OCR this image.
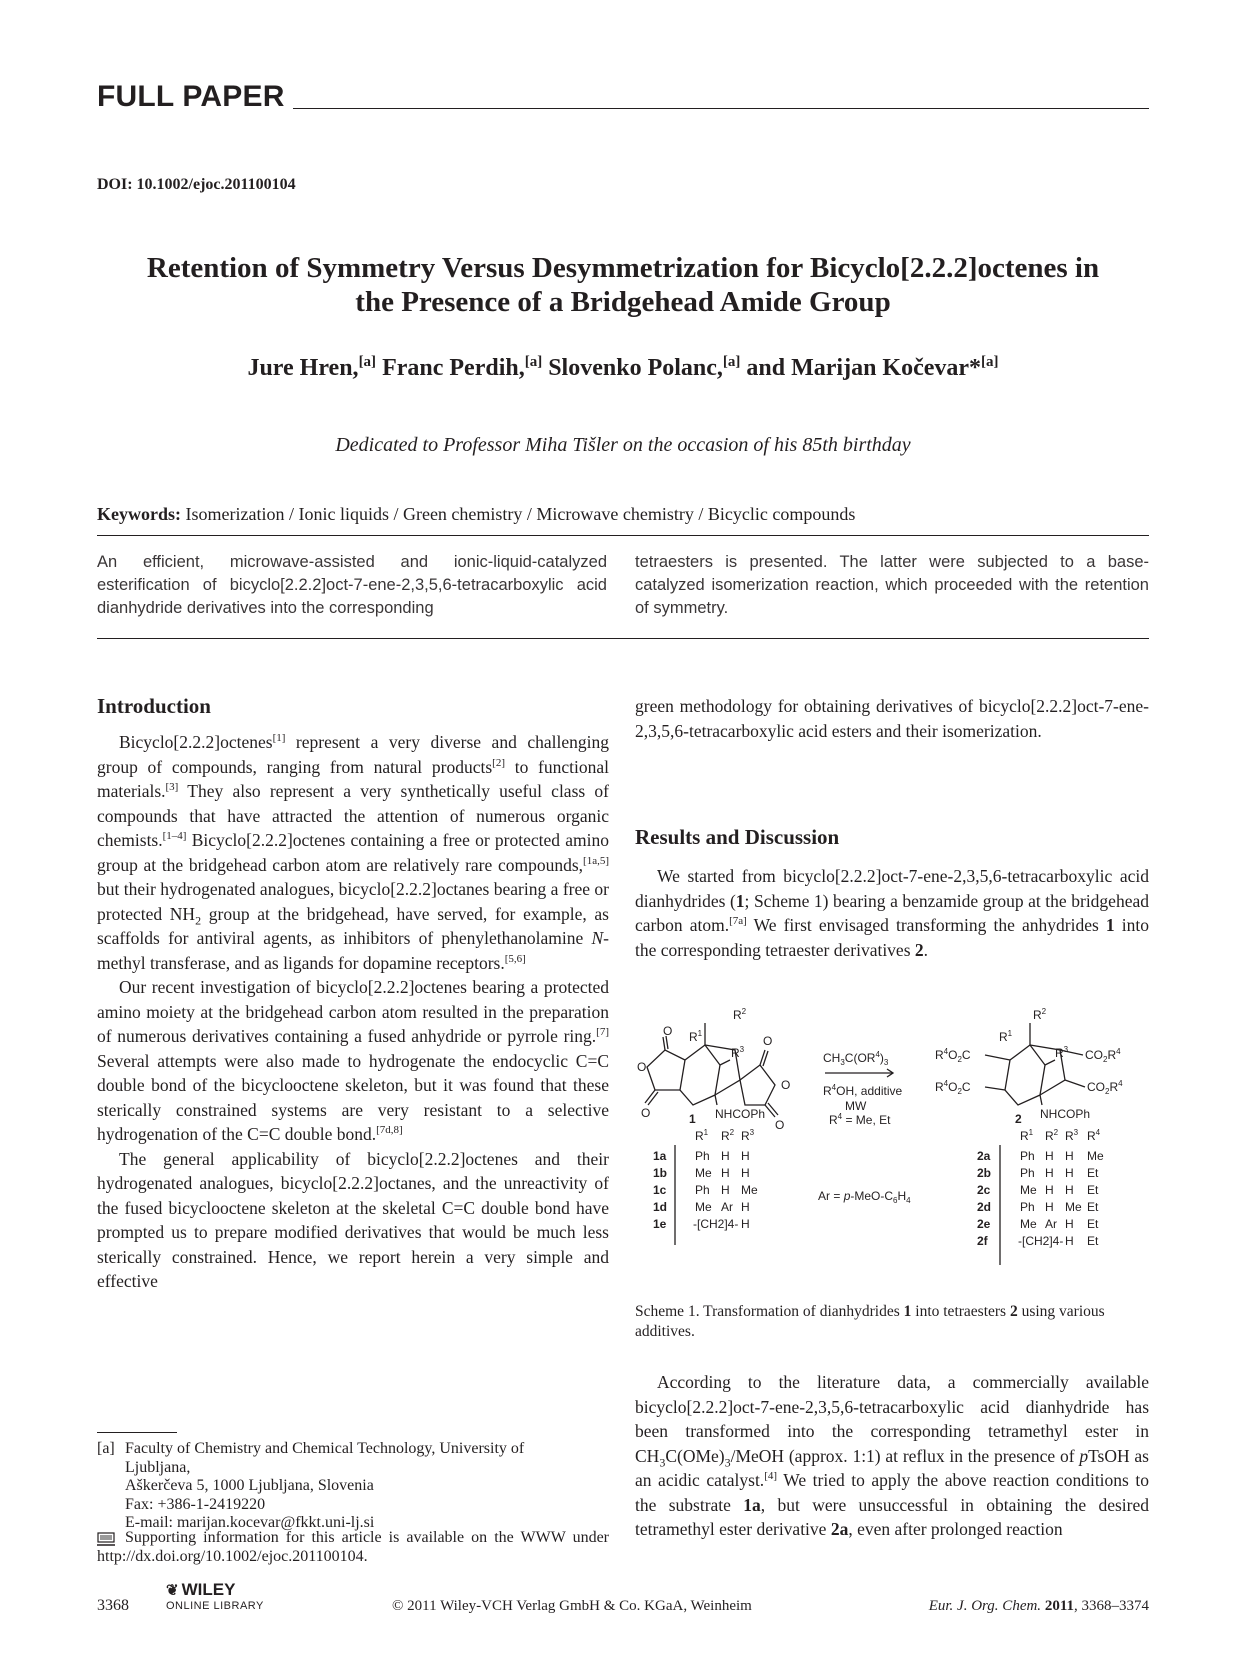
FULL PAPER
DOI: 10.1002/ejoc.201100104
Retention of Symmetry Versus Desymmetrization for Bicyclo[2.2.2]octenes in
the Presence of a Bridgehead Amide Group
Jure Hren,[a] Franc Perdih,[a] Slovenko Polanc,[a] and Marijan Kočevar*[a]
Dedicated to Professor Miha Tišler on the occasion of his 85th birthday
Keywords: Isomerization / Ionic liquids / Green chemistry / Microwave chemistry / Bicyclic compounds
An efficient, microwave-assisted and ionic-liquid-catalyzed esterification of bicyclo[2.2.2]oct-7-ene-2,3,5,6-tetracarboxylic acid dianhydride derivatives into the corresponding
tetraesters is presented. The latter were subjected to a base-catalyzed isomerization reaction, which proceeded with the retention of symmetry.
Introduction

Bicyclo[2.2.2]octenes[1] represent a very diverse and challenging group of compounds, ranging from natural products[2] to functional materials.[3] They also represent a very synthetically useful class of compounds that have attracted the attention of numerous organic chemists.[1–4] Bicyclo[2.2.2]octenes containing a free or protected amino group at the bridgehead carbon atom are relatively rare compounds,[1a,5] but their hydrogenated analogues, bicyclo[2.2.2]octanes bearing a free or protected $NH_2$ group at the bridgehead, have served, for example, as scaffolds for antiviral agents, as inhibitors of phenylethanolamine N-methyl transferase, and as ligands for dopamine receptors.[5,6]

Our recent investigation of bicyclo[2.2.2]octenes bearing a protected amino moiety at the bridgehead carbon atom resulted in the preparation of numerous derivatives containing a fused anhydride or pyrrole ring.[7] Several attempts were also made to hydrogenate the endocyclic C=C double bond of the bicyclooctene skeleton, but it was found that these sterically constrained systems are very resistant to a selective hydrogenation of the C=C double bond.[7d,8]

The general applicability of bicyclo[2.2.2]octenes and their hydrogenated analogues, bicyclo[2.2.2]octanes, and the unreactivity of the fused bicyclooctene skeleton at the skeletal C=C double bond have prompted us to prepare modified derivatives that would be much less sterically constrained. Hence, we report herein a very simple and effective

green methodology for obtaining derivatives of bicyclo[2.2.2]oct-7-ene-2,3,5,6-tetracarboxylic acid esters and their isomerization.

Results and Discussion

We started from bicyclo[2.2.2]oct-7-ene-2,3,5,6-tetracarboxylic acid dianhydrides (1; Scheme 1) bearing a benzamide group at the bridgehead carbon atom.[7a] We first envisaged transforming the anhydrides 1 into the corresponding tetraester derivatives 2.

$R^2$
$R^1$
$R^3$
O
O
O
O
O
O
NHCOPh
1
$CH_3C(OR^4)_3$
$R^4OH$, additive
MW
$R^4 = Me$, Et
$R^2$
$R^1$
$R^3$
$R^4O_2C$
$R^4O_2C$
$CO_2R^4$
$CO_2R^4$
NHCOPh
2
$Ar = p-MeO-C_6H_4$
$R^1$ $R^2$ $R^3$
1a Ph H H
1b Me H H
1c Ph H Me
1d Me Ar H
1e -[CH2]4- H
$R^1$ $R^2$ $R^3$ $R^4$
2a Ph H H Me
2b Ph H H Et
2c Me H H Et
2d Ph H Me Et
2e Me Ar H Et
2f	-[CH2]4- H Et
Scheme 1. Transformation of dianhydrides 1 into tetraesters 2 using various additives.

According to the literature data, a commercially available bicyclo[2.2.2]oct-7-ene-2,3,5,6-tetracarboxylic acid dianhydride has been transformed into the corresponding tetramethyl ester in $CH_3C(OMe)_3$/MeOH (approx. 1:1) at reflux in the presence of pTsOH as an acidic catalyst.[4] We tried to apply the above reaction conditions to the substrate 1a, but were unsuccessful in obtaining the desired tetramethyl ester derivative 2a, even after prolonged reaction

[a] Faculty of Chemistry and Chemical Technology, University of
Ljubljana,
Aškerčeva 5, 1000 Ljubljana, Slovenia
Fax: +386-1-2419220
E-mail: marijan.kocevar@fkkt.uni-lj.si
Supporting information for this article is available on the WWW under http://dx.doi.org/10.1002/ejoc.201100104.
3368
❦ WILEY
ONLINE LIBRARY	© 2011 Wiley-VCH Verlag GmbH & Co. KGaA, Weinheim	Eur. J. Org. Chem. 2011, 3368–3374
